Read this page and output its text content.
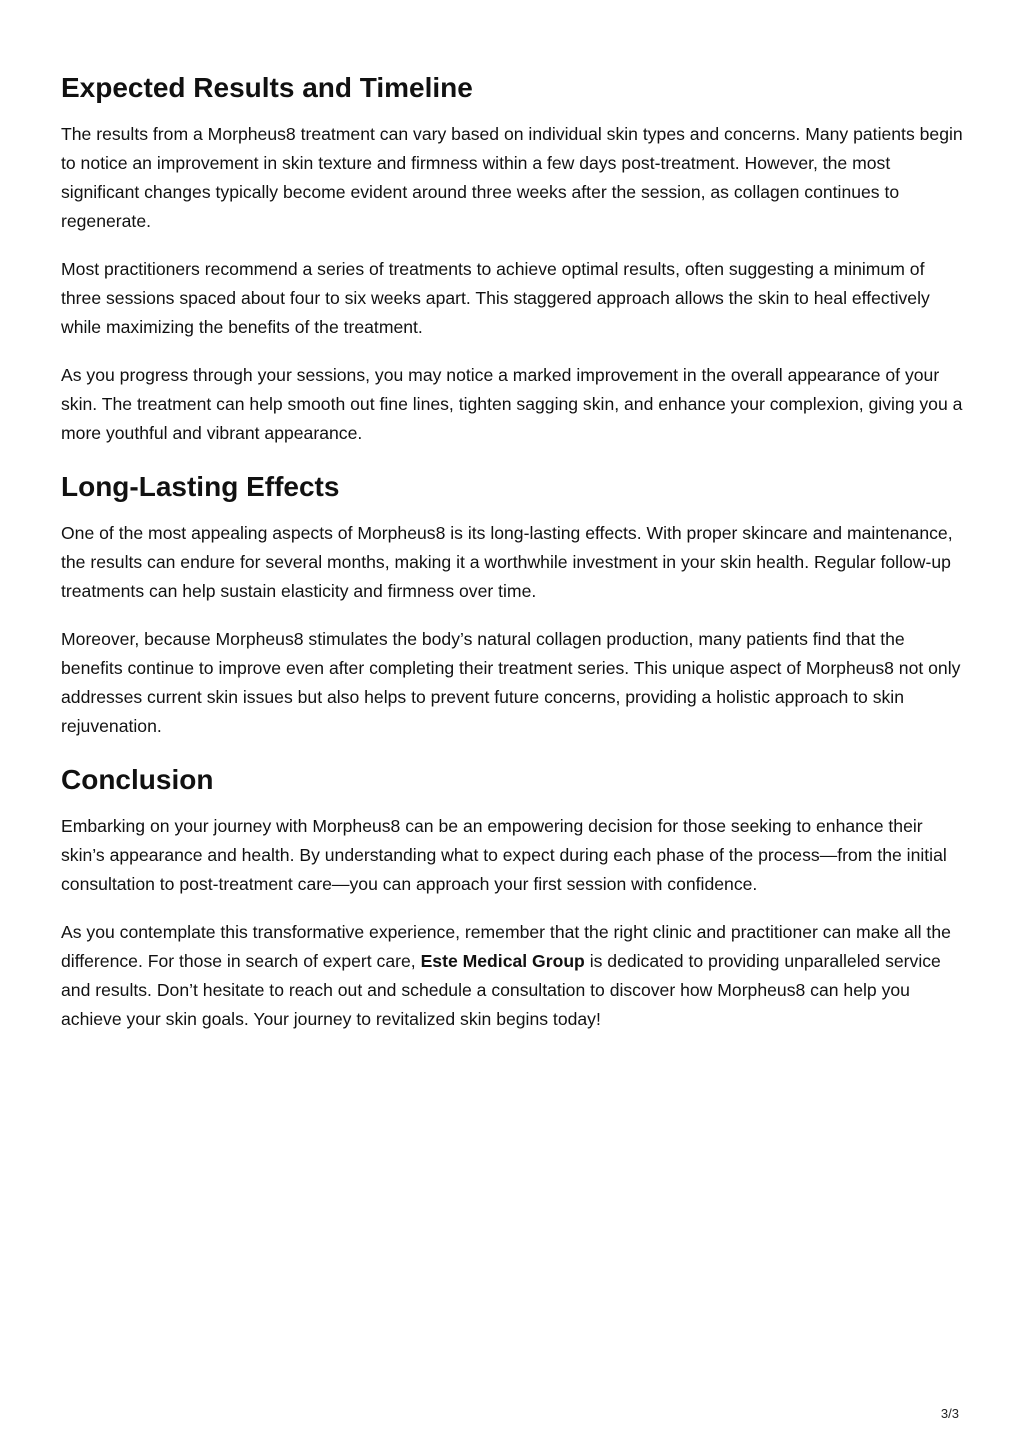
Expected Results and Timeline

The results from a Morpheus8 treatment can vary based on individual skin types and concerns. Many patients begin to notice an improvement in skin texture and firmness within a few days post-treatment. However, the most significant changes typically become evident around three weeks after the session, as collagen continues to regenerate.

Most practitioners recommend a series of treatments to achieve optimal results, often suggesting a minimum of three sessions spaced about four to six weeks apart. This staggered approach allows the skin to heal effectively while maximizing the benefits of the treatment.

As you progress through your sessions, you may notice a marked improvement in the overall appearance of your skin. The treatment can help smooth out fine lines, tighten sagging skin, and enhance your complexion, giving you a more youthful and vibrant appearance.

Long-Lasting Effects

One of the most appealing aspects of Morpheus8 is its long-lasting effects. With proper skincare and maintenance, the results can endure for several months, making it a worthwhile investment in your skin health. Regular follow-up treatments can help sustain elasticity and firmness over time.

Moreover, because Morpheus8 stimulates the body’s natural collagen production, many patients find that the benefits continue to improve even after completing their treatment series. This unique aspect of Morpheus8 not only addresses current skin issues but also helps to prevent future concerns, providing a holistic approach to skin rejuvenation.

Conclusion

Embarking on your journey with Morpheus8 can be an empowering decision for those seeking to enhance their skin’s appearance and health. By understanding what to expect during each phase of the process—from the initial consultation to post-treatment care—you can approach your first session with confidence.

As you contemplate this transformative experience, remember that the right clinic and practitioner can make all the difference. For those in search of expert care, Este Medical Group is dedicated to providing unparalleled service and results. Don’t hesitate to reach out and schedule a consultation to discover how Morpheus8 can help you achieve your skin goals. Your journey to revitalized skin begins today!

3/3
